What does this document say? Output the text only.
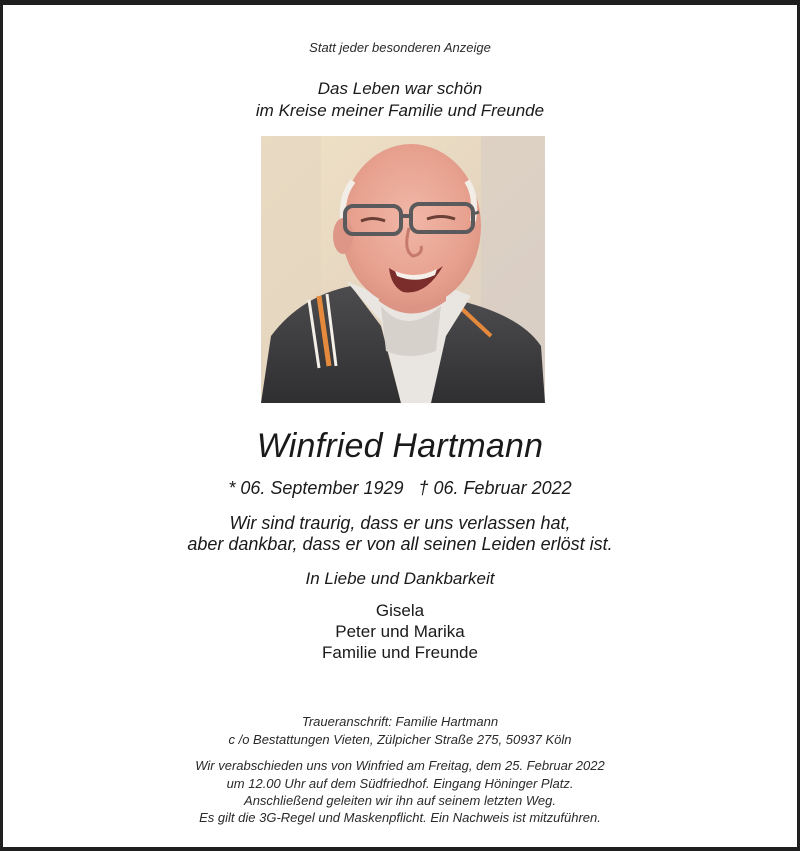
Statt jeder besonderen Anzeige
Das Leben war schön
im Kreise meiner Familie und Freunde
Winfried Hartmann
* 06. September 1929   † 06. Februar 2022
Wir sind traurig, dass er uns verlassen hat,
aber dankbar, dass er von all seinen Leiden erlöst ist.
In Liebe und Dankbarkeit
Gisela
Peter und Marika
Familie und Freunde
Traueranschrift: Familie Hartmann
c /o Bestattungen Vieten, Zülpicher Straße 275, 50937 Köln
Wir verabschieden uns von Winfried am Freitag, dem 25. Februar 2022
um 12.00 Uhr auf dem Südfriedhof. Eingang Höninger Platz.
Anschließend geleiten wir ihn auf seinem letzten Weg.
Es gilt die 3G-Regel und Maskenpflicht. Ein Nachweis ist mitzuführen.
